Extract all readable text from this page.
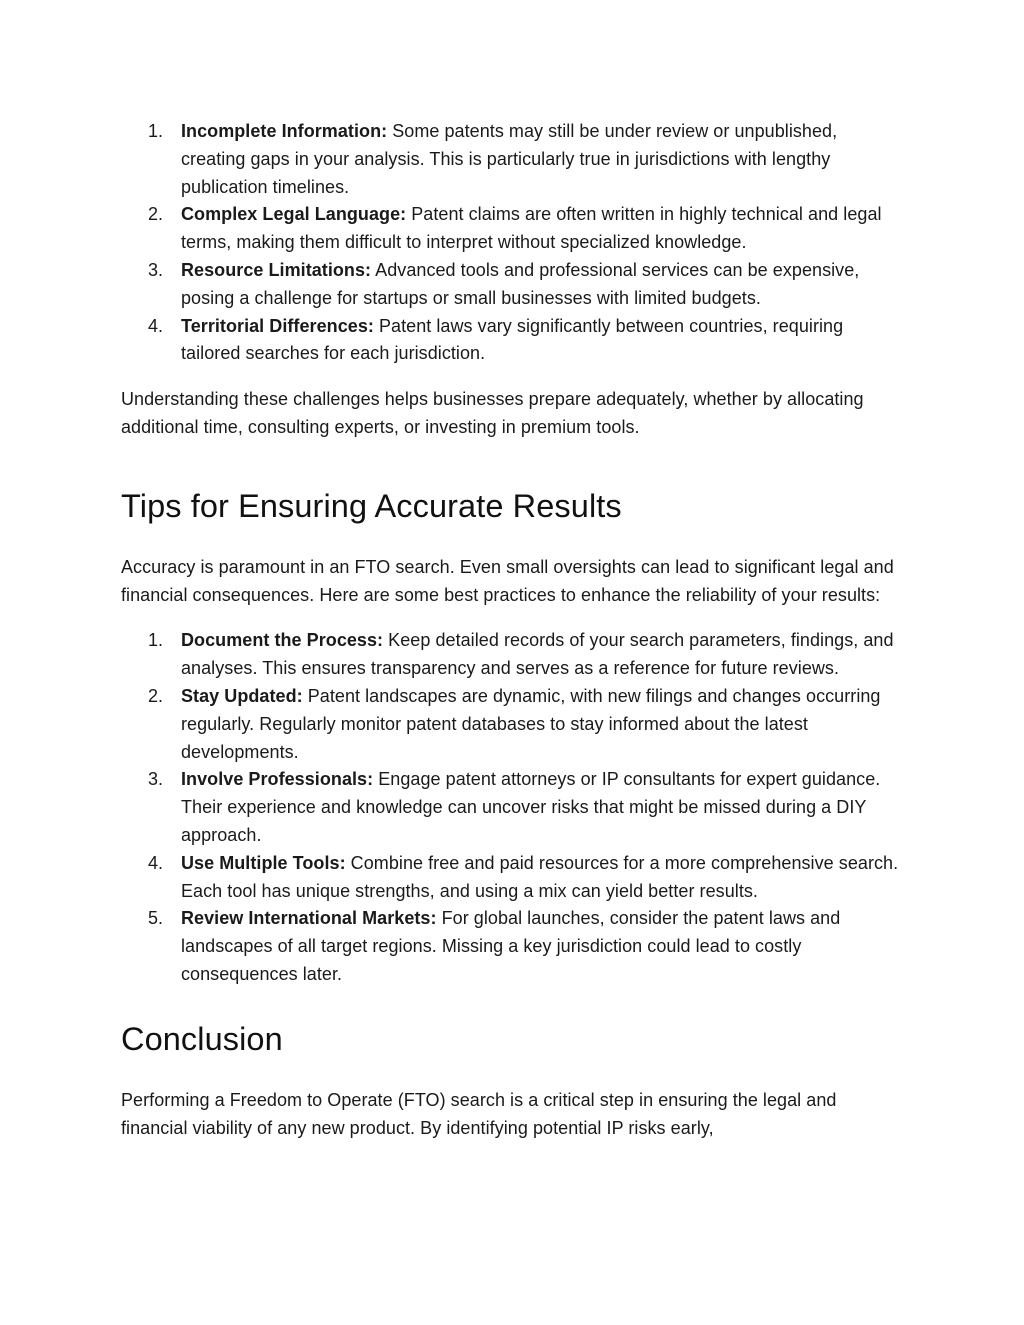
1. Incomplete Information: Some patents may still be under review or unpublished, creating gaps in your analysis. This is particularly true in jurisdictions with lengthy publication timelines.
2. Complex Legal Language: Patent claims are often written in highly technical and legal terms, making them difficult to interpret without specialized knowledge.
3. Resource Limitations: Advanced tools and professional services can be expensive, posing a challenge for startups or small businesses with limited budgets.
4. Territorial Differences: Patent laws vary significantly between countries, requiring tailored searches for each jurisdiction.

Understanding these challenges helps businesses prepare adequately, whether by allocating additional time, consulting experts, or investing in premium tools.

Tips for Ensuring Accurate Results

Accuracy is paramount in an FTO search. Even small oversights can lead to significant legal and financial consequences. Here are some best practices to enhance the reliability of your results:

1. Document the Process: Keep detailed records of your search parameters, findings, and analyses. This ensures transparency and serves as a reference for future reviews.
2. Stay Updated: Patent landscapes are dynamic, with new filings and changes occurring regularly. Regularly monitor patent databases to stay informed about the latest developments.
3. Involve Professionals: Engage patent attorneys or IP consultants for expert guidance. Their experience and knowledge can uncover risks that might be missed during a DIY approach.
4. Use Multiple Tools: Combine free and paid resources for a more comprehensive search. Each tool has unique strengths, and using a mix can yield better results.
5. Review International Markets: For global launches, consider the patent laws and landscapes of all target regions. Missing a key jurisdiction could lead to costly consequences later.
Conclusion

Performing a Freedom to Operate (FTO) search is a critical step in ensuring the legal and financial viability of any new product. By identifying potential IP risks early,
